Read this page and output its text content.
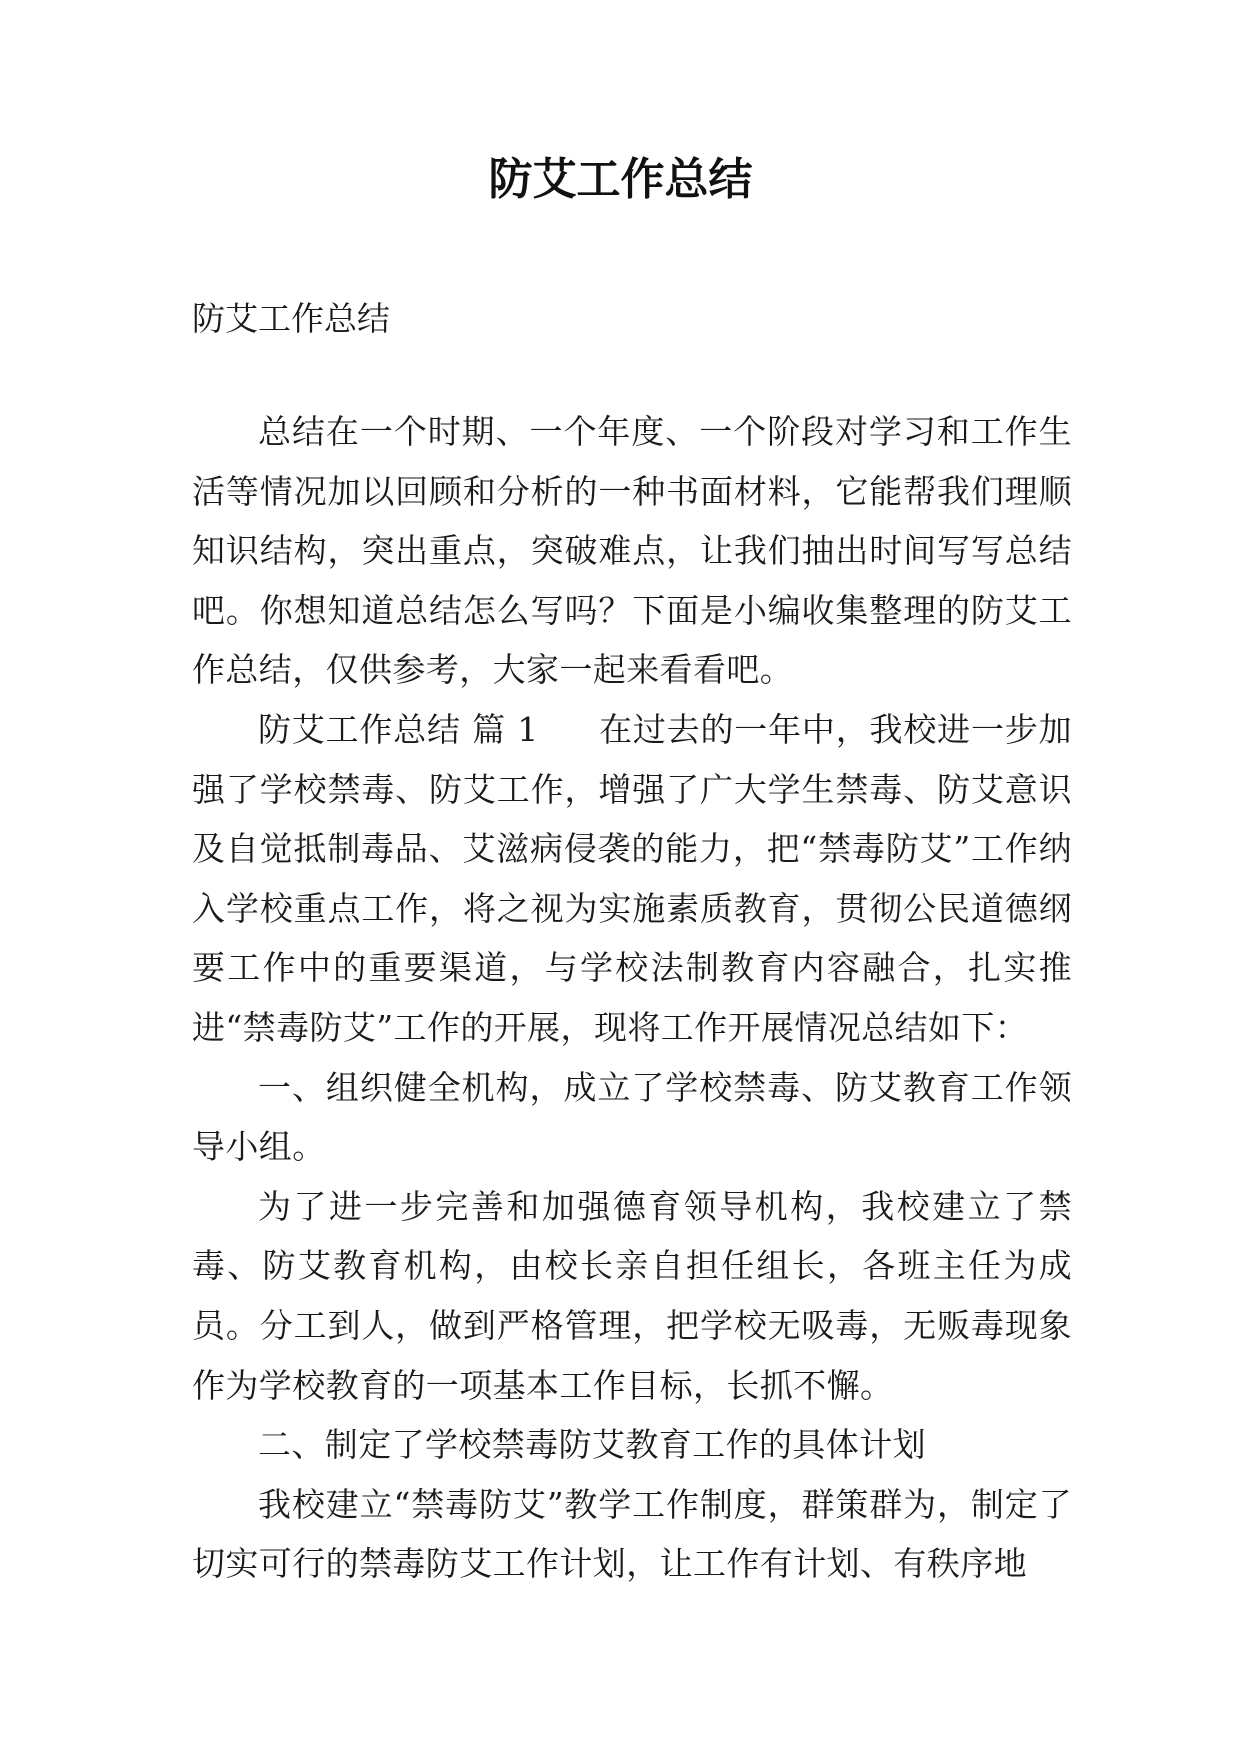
防艾工作总结

防艾工作总结

总结在一个时期、一个年度、一个阶段对学习和工作生活等情况加以回顾和分析的一种书面材料，它能帮我们理顺知识结构，突出重点，突破难点，让我们抽出时间写写总结吧。你想知道总结怎么写吗？下面是小编收集整理的防艾工作总结，仅供参考，大家一起来看看吧。

防艾工作总结 篇 1 在过去的一年中，我校进一步加强了学校禁毒、防艾工作，增强了广大学生禁毒、防艾意识及自觉抵制毒品、艾滋病侵袭的能力，把“禁毒防艾”工作纳入学校重点工作，将之视为实施素质教育，贯彻公民道德纲要工作中的重要渠道，与学校法制教育内容融合，扎实推进“禁毒防艾”工作的开展，现将工作开展情况总结如下：

一、组织健全机构，成立了学校禁毒、防艾教育工作领导小组。

为了进一步完善和加强德育领导机构，我校建立了禁毒、防艾教育机构，由校长亲自担任组长，各班主任为成员。分工到人，做到严格管理，把学校无吸毒，无贩毒现象作为学校教育的一项基本工作目标，长抓不懈。

二、制定了学校禁毒防艾教育工作的具体计划

我校建立“禁毒防艾”教学工作制度，群策群为，制定了切实可行的禁毒防艾工作计划，让工作有计划、有秩序地
